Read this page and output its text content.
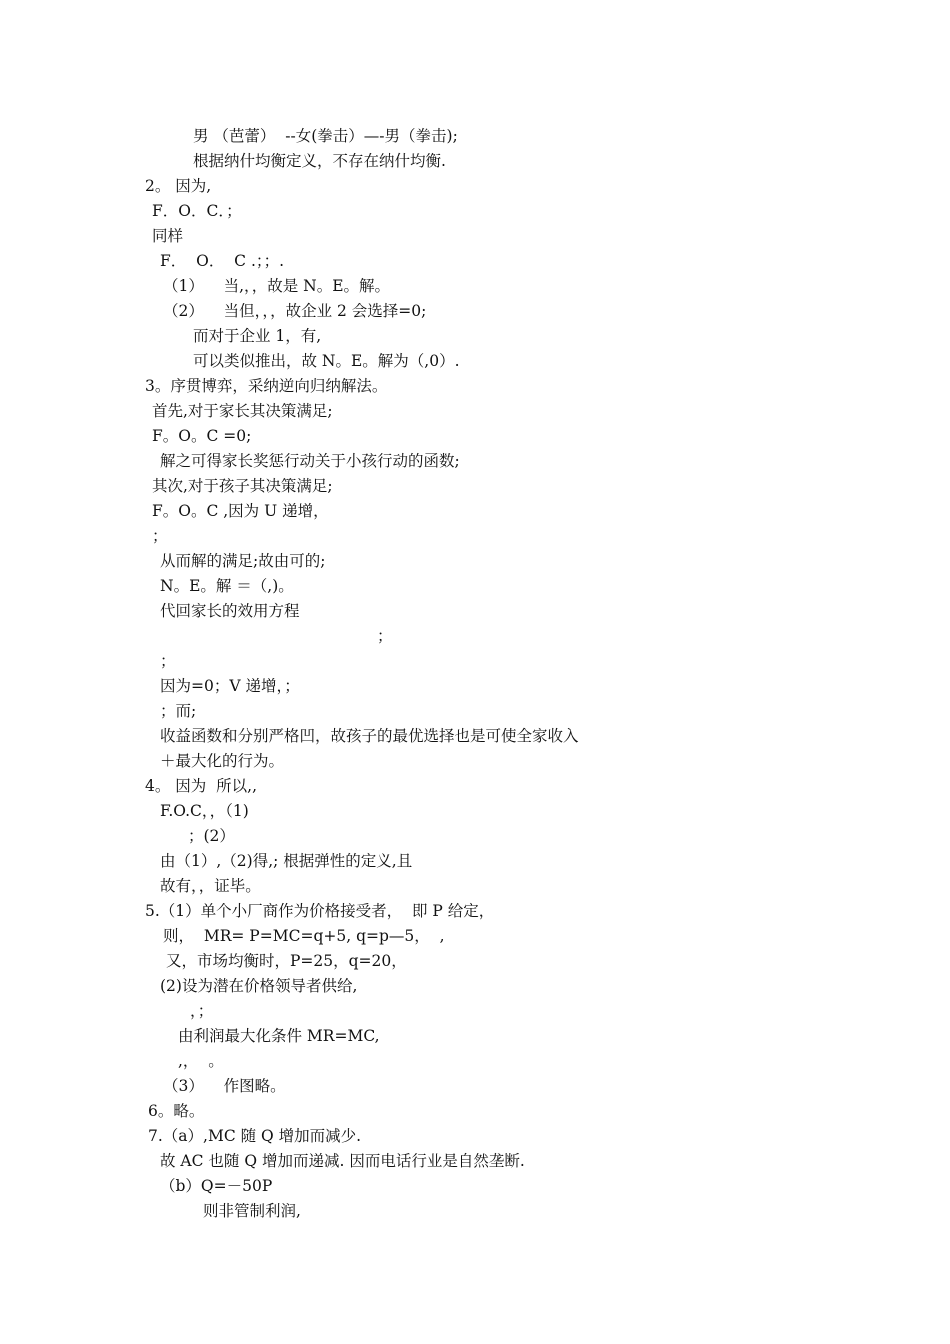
男 （芭蕾）  --女(拳击）—-男（拳击);
根据纳什均衡定义，不存在纳什均衡.
2。 因为,
F．O．C．；
同样
F．  O．  C .；；.
（1）    当,，，故是 N。E。解。
（2）    当但，，，故企业 2 会选择=0;
而对于企业 1，有,
可以类似推出，故 N。E。解为（,0）.
3。序贯博弈，采纳逆向归纳解法。
首先,对于家长其决策满足;
F。O。C =0;
解之可得家长奖惩行动关于小孩行动的函数;
其次,对于孩子其决策满足;
F。O。C ,因为 U 递增，
；
从而解的满足;故由可的;
N。E。解 ＝（,)。
代回家长的效用方程
；
；
因为=0；V 递增，；
；而;
收益函数和分别严格凹，故孩子的最优选择也是可使全家收入
＋最大化的行为。
4。 因为  所以,,
F.O.C，，（1)
；(2）
由（1）,（2)得,; 根据弹性的定义,且
故有，，证毕。
5.（1）单个小厂商作为价格接受者，  即 P 给定，
则，  MR= P=MC=q+5, q=p—5，  ,
又，市场均衡时，P=25，q=20，
(2)设为潜在价格领导者供给,
，；
由利润最大化条件 MR=MC,
,，  。
（3）    作图略。
6。略。
7.（a）,MC 随 Q 增加而减少.
故 AC 也随 Q 增加而递减. 因而电话行业是自然垄断.
（b）Q=－50P
则非管制利润,
